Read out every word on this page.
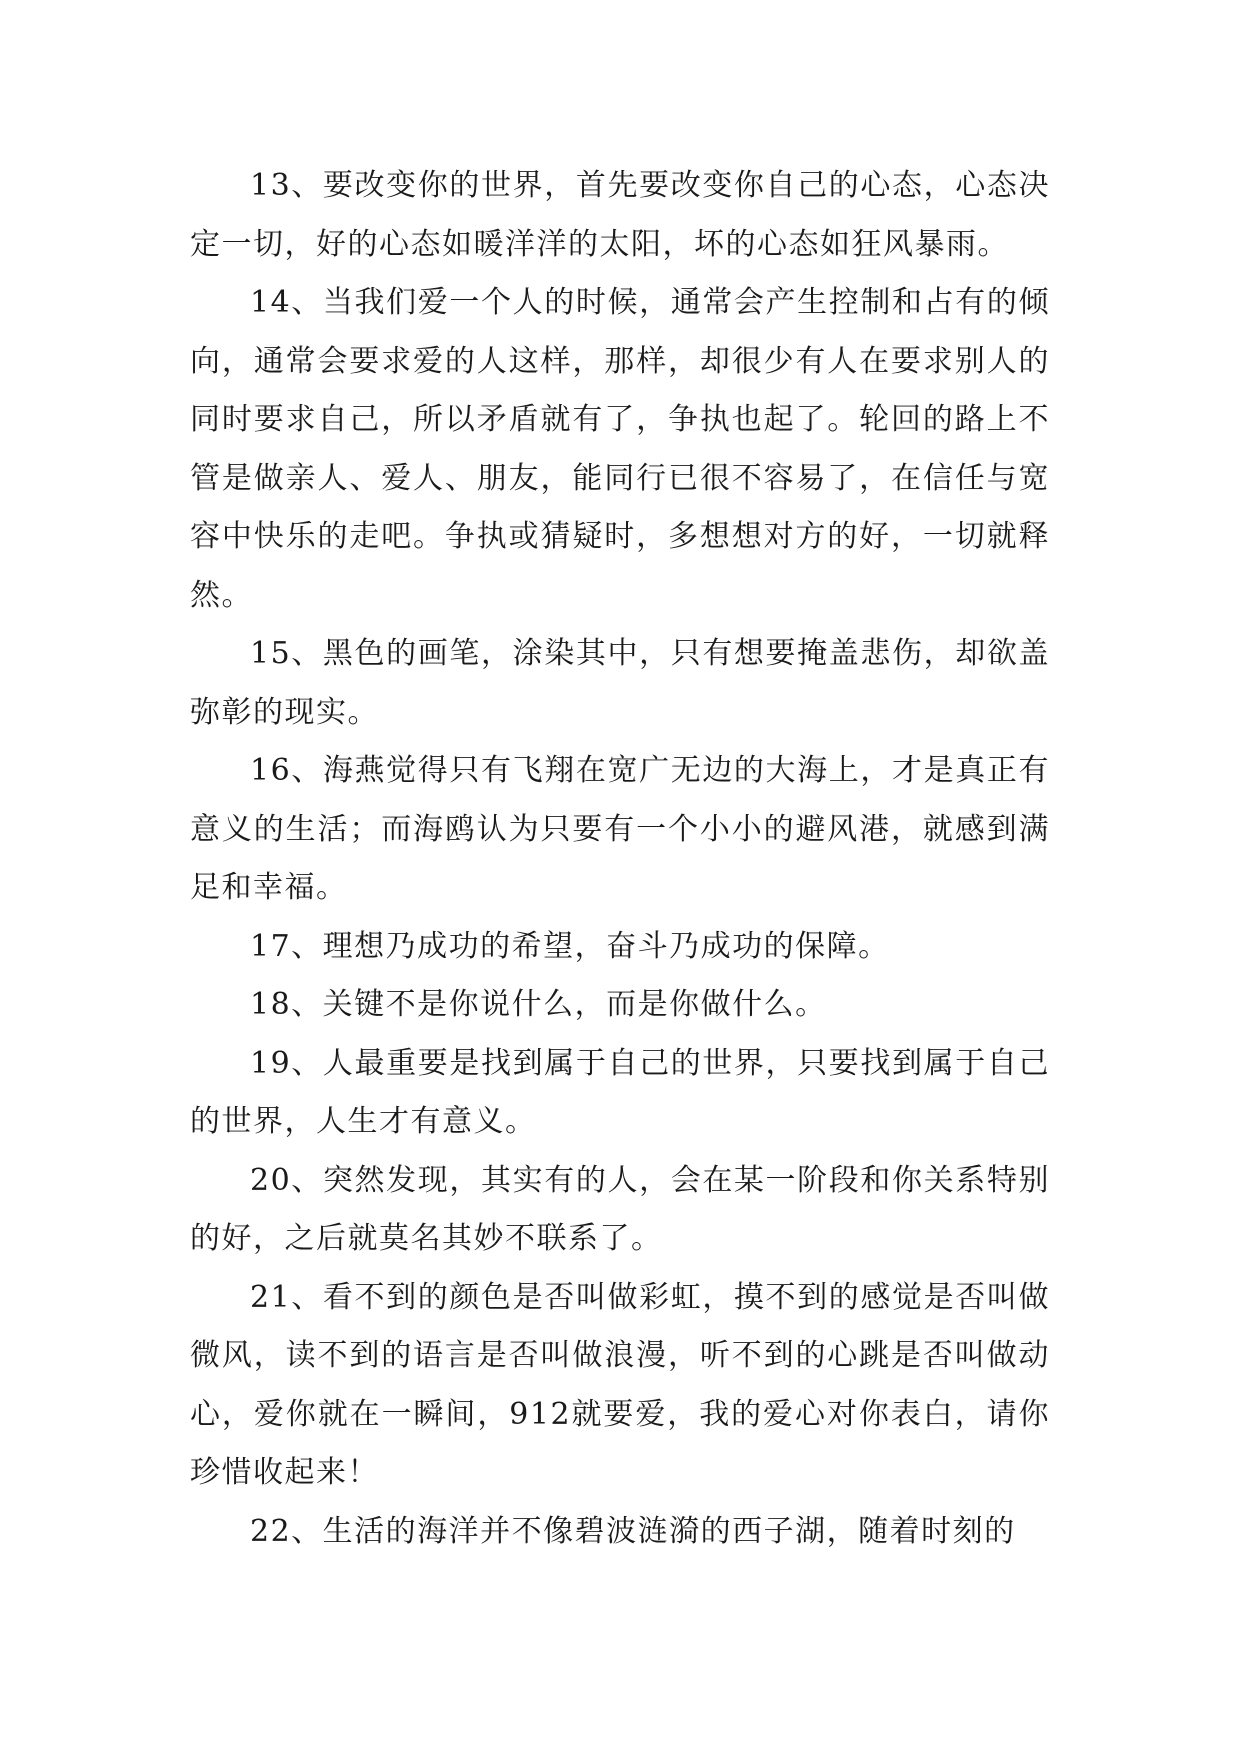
13、要改变你的世界，首先要改变你自己的心态，心态决定一切，好的心态如暖洋洋的太阳，坏的心态如狂风暴雨。

14、当我们爱一个人的时候，通常会产生控制和占有的倾向，通常会要求爱的人这样，那样，却很少有人在要求别人的同时要求自己，所以矛盾就有了，争执也起了。轮回的路上不管是做亲人、爱人、朋友，能同行已很不容易了，在信任与宽容中快乐的走吧。争执或猜疑时，多想想对方的好，一切就释然。

15、黑色的画笔，涂染其中，只有想要掩盖悲伤，却欲盖弥彰的现实。

16、海燕觉得只有飞翔在宽广无边的大海上，才是真正有意义的生活；而海鸥认为只要有一个小小的避风港，就感到满足和幸福。

17、理想乃成功的希望，奋斗乃成功的保障。

18、关键不是你说什么，而是你做什么。

19、人最重要是找到属于自己的世界，只要找到属于自己的世界，人生才有意义。

20、突然发现，其实有的人，会在某一阶段和你关系特别的好，之后就莫名其妙不联系了。

21、看不到的颜色是否叫做彩虹，摸不到的感觉是否叫做微风，读不到的语言是否叫做浪漫，听不到的心跳是否叫做动心，爱你就在一瞬间，912就要爱，我的爱心对你表白，请你珍惜收起来！

22、生活的海洋并不像碧波涟漪的西子湖，随着时刻的
